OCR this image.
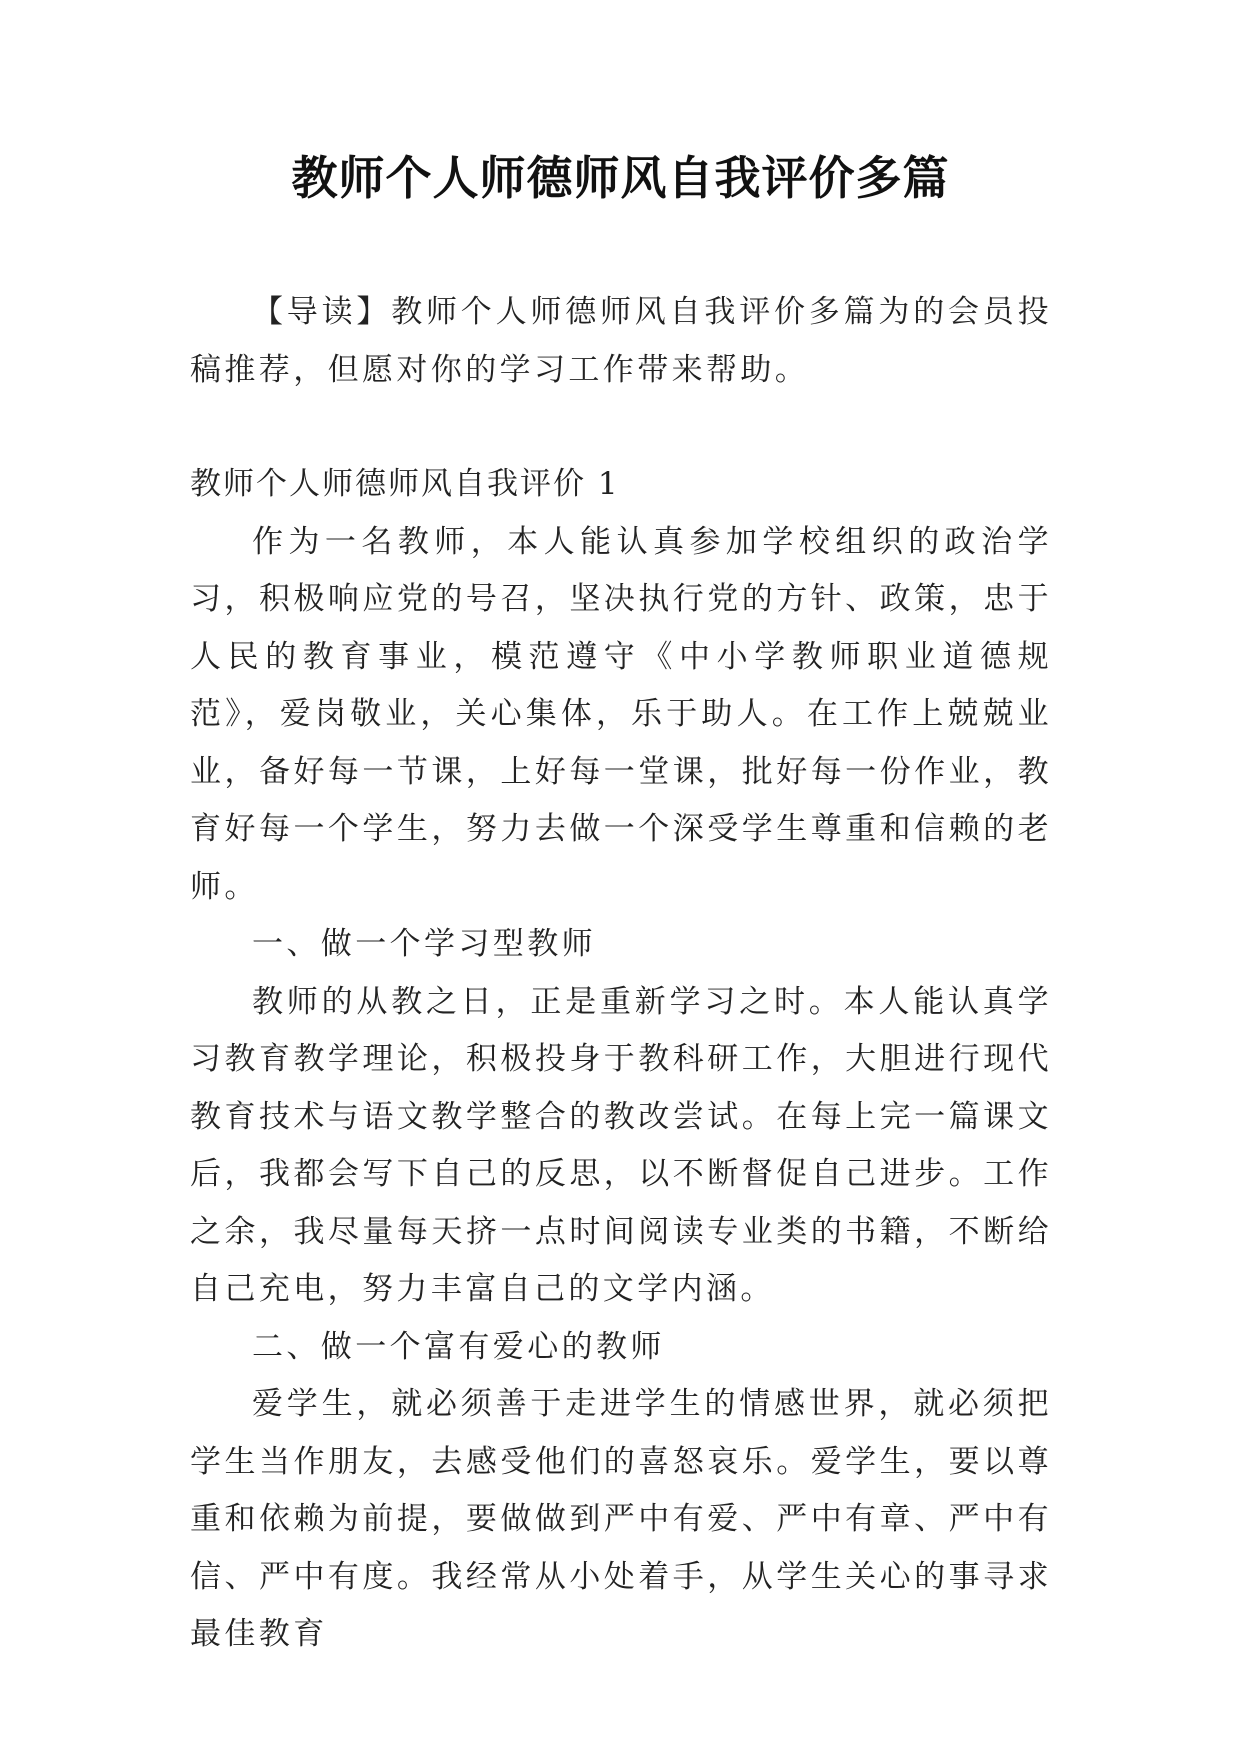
教师个人师德师风自我评价多篇

【导读】教师个人师德师风自我评价多篇为的会员投稿推荐，但愿对你的学习工作带来帮助。

教师个人师德师风自我评价 1

作为一名教师，本人能认真参加学校组织的政治学习，积极响应党的号召，坚决执行党的方针、政策，忠于人民的教育事业，模范遵守《中小学教师职业道德规范》，爱岗敬业，关心集体，乐于助人。在工作上兢兢业业，备好每一节课，上好每一堂课，批好每一份作业，教育好每一个学生，努力去做一个深受学生尊重和信赖的老师。

一、做一个学习型教师

教师的从教之日，正是重新学习之时。本人能认真学习教育教学理论，积极投身于教科研工作，大胆进行现代教育技术与语文教学整合的教改尝试。在每上完一篇课文后，我都会写下自己的反思，以不断督促自己进步。工作之余，我尽量每天挤一点时间阅读专业类的书籍，不断给自己充电，努力丰富自己的文学内涵。

二、做一个富有爱心的教师

爱学生，就必须善于走进学生的情感世界，就必须把学生当作朋友，去感受他们的喜怒哀乐。爱学生，要以尊重和依赖为前提，要做做到严中有爱、严中有章、严中有信、严中有度。我经常从小处着手，从学生关心的事寻求最佳教育
